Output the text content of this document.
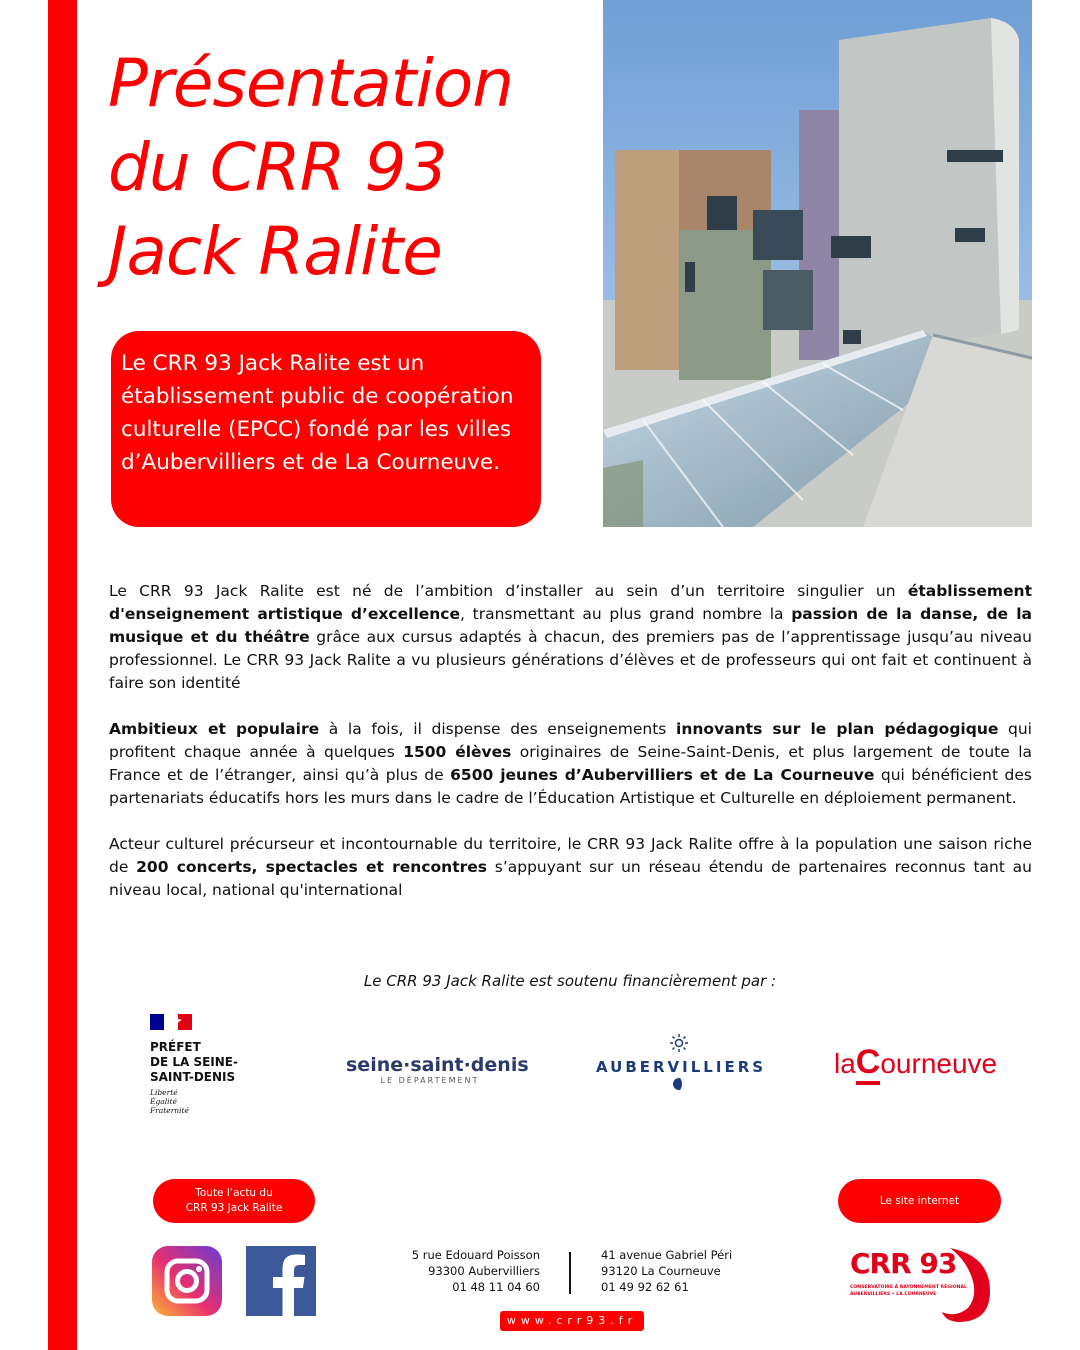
Présentation
du CRR 93
Jack Ralite
Le CRR 93 Jack Ralite est un établissement public de coopération culturelle (EPCC) fondé par les villes d’Aubervilliers et de La Courneuve.

Le CRR 93 Jack Ralite est né de l’ambition d’installer au sein d’un territoire singulier un établissement d'enseignement artistique d’excellence, transmettant au plus grand nombre la passion de la danse, de la musique et du théâtre grâce aux cursus adaptés à chacun, des premiers pas de l’apprentissage jusqu’au niveau professionnel. Le CRR 93 Jack Ralite a vu plusieurs générations d’élèves et de professeurs qui ont fait et continuent à faire son identité

Ambitieux et populaire à la fois, il dispense des enseignements innovants sur le plan pédagogique qui profitent chaque année à quelques 1500 élèves originaires de Seine-Saint-Denis, et plus largement de toute la France et de l’étranger, ainsi qu’à plus de 6500 jeunes d’Aubervilliers et de La Courneuve qui bénéficient des partenariats éducatifs hors les murs dans le cadre de l’Éducation Artistique et Culturelle en déploiement permanent.

Acteur culturel précurseur et incontournable du territoire, le CRR 93 Jack Ralite offre à la population une saison riche de 200 concerts, spectacles et rencontres s’appuyant sur un réseau étendu de partenaires reconnus tant au niveau local, national qu'international

Le CRR 93 Jack Ralite est soutenu financièrement par :
PRÉFET
DE LA SEINE-
SAINT-DENIS
Liberté
Égalité
Fraternité
seine·saint·denis
LE DÉPARTEMENT
AUBERVILLIERS laCourneuve
Toute l’actu du
CRR 93 Jack Ralite
Le site internet
5 rue Edouard Poisson
93300 Aubervilliers
01 48 11 04 60
41 avenue Gabriel Péri
93120 La Courneuve
01 49 92 62 61
www.crr93.fr
CRR 93
CONSERVATOIRE À RAYONNEMENT RÉGIONAL
AUBERVILLIERS • LA COURNEUVE
